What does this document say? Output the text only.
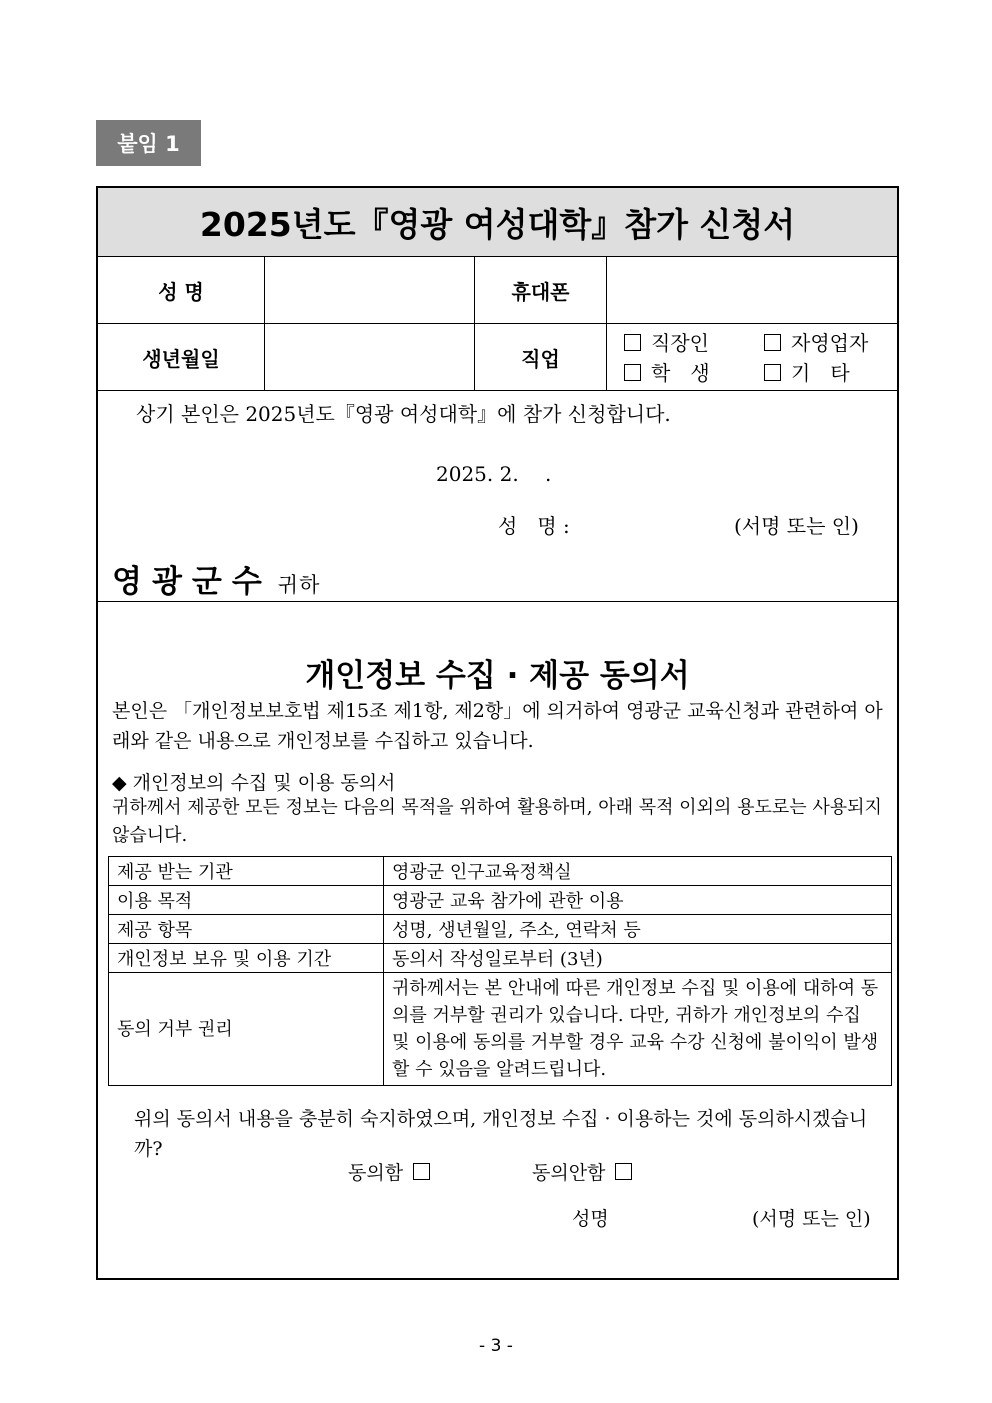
붙임 1
2025년도『영광 여성대학』참가 신청서
성 명	휴대폰
생년월일	직업
직장인	자영업자
학　생	기　타
상기 본인은 2025년도『영광 여성대학』에 참가 신청합니다.
2025. 2.　 .
성　명 :	(서명 또는 인)
영광군수 귀하
개인정보 수집 · 제공 동의서
본인은 「개인정보보호법 제15조 제1항, 제2항」에 의거하여 영광군 교육신청과 관련하여 아래와 같은 내용으로 개인정보를 수집하고 있습니다.
◆ 개인정보의 수집 및 이용 동의서
귀하께서 제공한 모든 정보는 다음의 목적을 위하여 활용하며, 아래 목적 이외의 용도로는 사용되지 않습니다.
제공 받는 기관	영광군 인구교육정책실
이용 목적	영광군 교육 참가에 관한 이용
제공 항목	성명, 생년월일, 주소, 연락처 등
개인정보 보유 및 이용 기간	동의서 작성일로부터 (3년)
동의 거부 권리	귀하께서는 본 안내에 따른 개인정보 수집 및 이용에 대하여 동의를 거부할 권리가 있습니다. 다만, 귀하가 개인정보의 수집 및 이용에 동의를 거부할 경우 교육 수강 신청에 불이익이 발생할 수 있음을 알려드립니다.
위의 동의서 내용을 충분히 숙지하였으며, 개인정보 수집 · 이용하는 것에 동의하시겠습니까?
동의함	동의안함
성명	(서명 또는 인)
- 3 -
